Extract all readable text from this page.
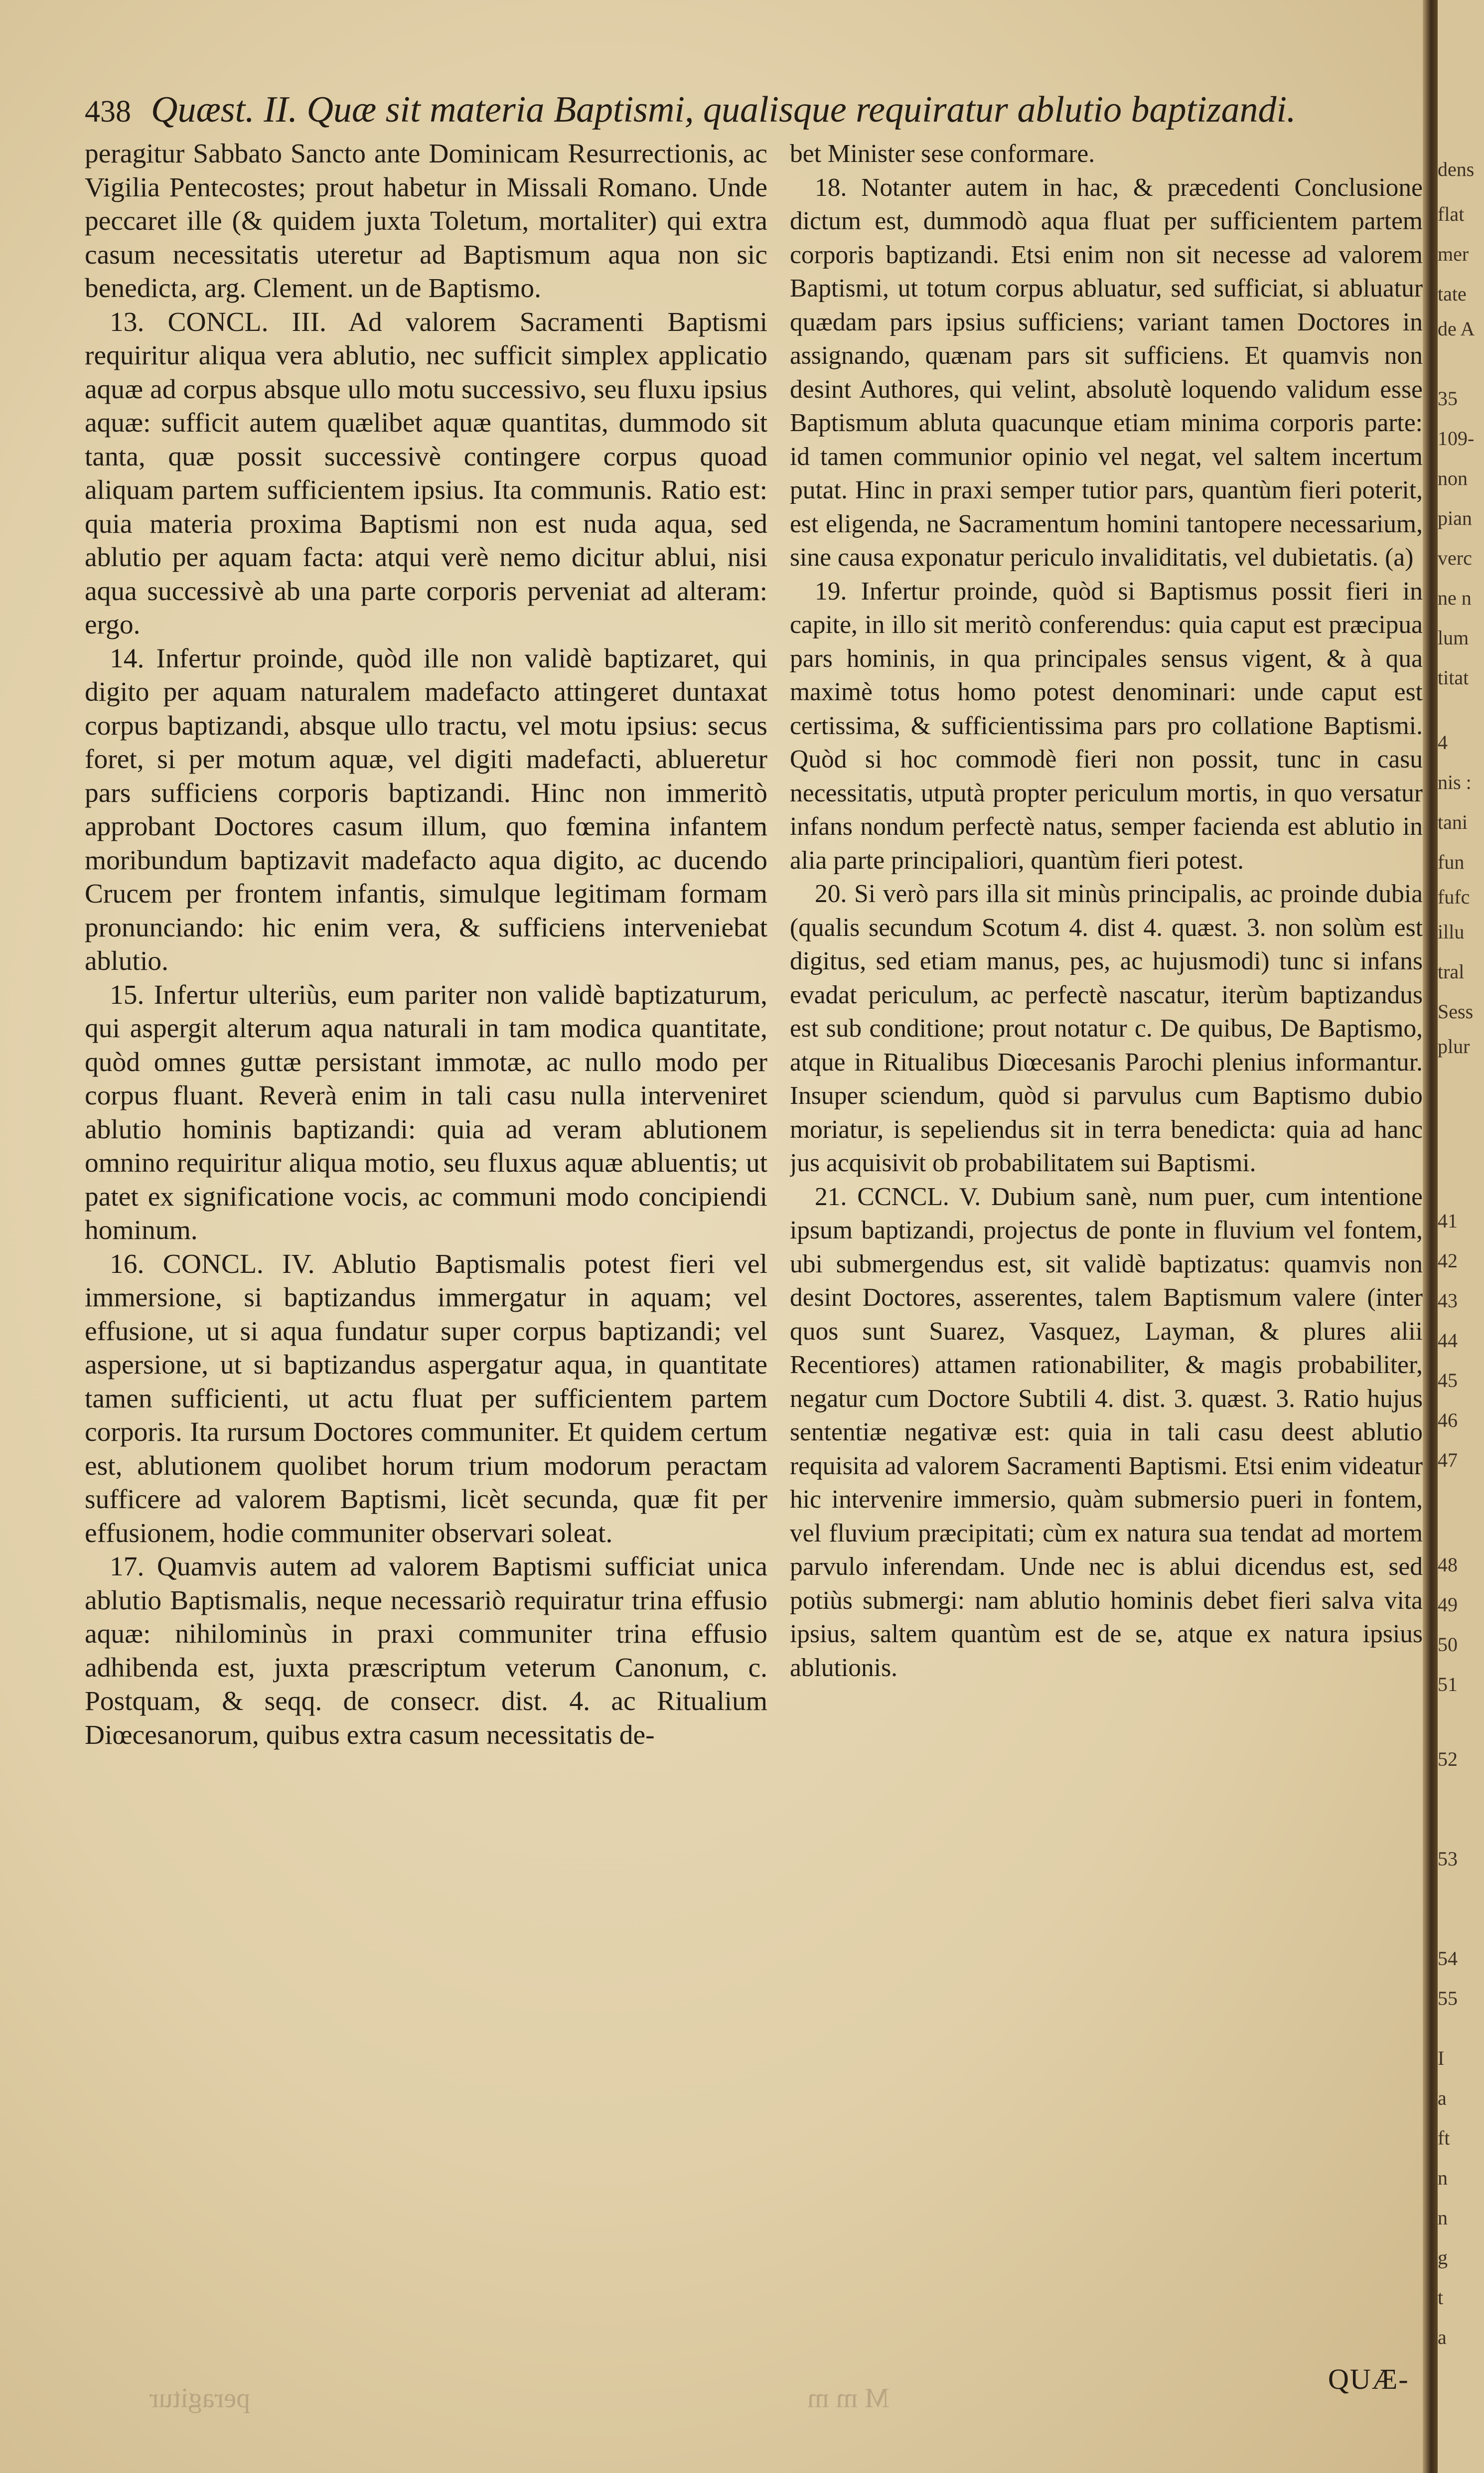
438 Quæst. II. Quæ sit materia Baptismi, qualisque requiratur ablutio baptizandi.

peragitur Sabbato Sancto ante Dominicam Resurrectionis, ac Vigilia Pentecostes; prout habetur in Missali Romano. Unde peccaret ille (& quidem juxta Toletum, mortaliter) qui extra casum necessitatis uteretur ad Baptismum aqua non sic benedicta, arg. Clement. un de Baptismo.

13. CONCL. III. Ad valorem Sacramenti Baptismi requiritur aliqua vera ablutio, nec sufficit simplex applicatio aquæ ad corpus absque ullo motu successivo, seu fluxu ipsius aquæ: sufficit autem quælibet aquæ quantitas, dummodo sit tanta, quæ possit successivè contingere corpus quoad aliquam partem sufficientem ipsius. Ita communis. Ratio est: quia materia proxima Baptismi non est nuda aqua, sed ablutio per aquam facta: atqui verè nemo dicitur ablui, nisi aqua successivè ab una parte corporis perveniat ad alteram: ergo.

14. Infertur proinde, quòd ille non validè baptizaret, qui digito per aquam naturalem madefacto attingeret duntaxat corpus baptizandi, absque ullo tractu, vel motu ipsius: secus foret, si per motum aquæ, vel digiti madefacti, ablueretur pars sufficiens corporis baptizandi. Hinc non immeritò approbant Doctores casum illum, quo fœmina infantem moribundum baptizavit madefacto aqua digito, ac ducendo Crucem per frontem infantis, simulque legitimam formam pronunciando: hic enim vera, & sufficiens interveniebat ablutio.

15. Infertur ulteriùs, eum pariter non validè baptizaturum, qui aspergit alterum aqua naturali in tam modica quantitate, quòd omnes guttæ persistant immotæ, ac nullo modo per corpus fluant. Reverà enim in tali casu nulla interveniret ablutio hominis baptizandi: quia ad veram ablutionem omnino requiritur aliqua motio, seu fluxus aquæ abluentis; ut patet ex significatione vocis, ac communi modo concipiendi hominum.

16. CONCL. IV. Ablutio Baptismalis potest fieri vel immersione, si baptizandus immergatur in aquam; vel effusione, ut si aqua fundatur super corpus baptizandi; vel aspersione, ut si baptizandus aspergatur aqua, in quantitate tamen sufficienti, ut actu fluat per sufficientem partem corporis. Ita rursum Doctores communiter. Et quidem certum est, ablutionem quolibet horum trium modorum peractam sufficere ad valorem Baptismi, licèt secunda, quæ fit per effusionem, hodie communiter observari soleat.

17. Quamvis autem ad valorem Baptismi sufficiat unica ablutio Baptismalis, neque necessariò requiratur trina effusio aquæ: nihilominùs in praxi communiter trina effusio adhibenda est, juxta præscriptum veterum Canonum, c. Postquam, & seqq. de consecr. dist. 4. ac Ritualium Diœcesanorum, quibus extra casum necessitatis de-

bet Minister sese conformare.

18. Notanter autem in hac, & præcedenti Conclusione dictum est, dummodò aqua fluat per sufficientem partem corporis baptizandi. Etsi enim non sit necesse ad valorem Baptismi, ut totum corpus abluatur, sed sufficiat, si abluatur quædam pars ipsius sufficiens; variant tamen Doctores in assignando, quænam pars sit sufficiens. Et quamvis non desint Authores, qui velint, absolutè loquendo validum esse Baptismum abluta quacunque etiam minima corporis parte: id tamen communior opinio vel negat, vel saltem incertum putat. Hinc in praxi semper tutior pars, quantùm fieri poterit, est eligenda, ne Sacramentum homini tantopere necessarium, sine causa exponatur periculo invaliditatis, vel dubietatis. (a)

19. Infertur proinde, quòd si Baptismus possit fieri in capite, in illo sit meritò conferendus: quia caput est præcipua pars hominis, in qua principales sensus vigent, & à qua maximè totus homo potest denominari: unde caput est certissima, & sufficientissima pars pro collatione Baptismi. Quòd si hoc commodè fieri non possit, tunc in casu necessitatis, utputà propter periculum mortis, in quo versatur infans nondum perfectè natus, semper facienda est ablutio in alia parte principaliori, quantùm fieri potest.

20. Si verò pars illa sit minùs principalis, ac proinde dubia (qualis secundum Scotum 4. dist 4. quæst. 3. non solùm est digitus, sed etiam manus, pes, ac hujusmodi) tunc si infans evadat periculum, ac perfectè nascatur, iterùm baptizandus est sub conditione; prout notatur c. De quibus, De Baptismo, atque in Ritualibus Diœcesanis Parochi plenius informantur. Insuper sciendum, quòd si parvulus cum Baptismo dubio moriatur, is sepeliendus sit in terra benedicta: quia ad hanc jus acquisivit ob probabilitatem sui Baptismi.

21. CCNCL. V. Dubium sanè, num puer, cum intentione ipsum baptizandi, projectus de ponte in fluvium vel fontem, ubi submergendus est, sit validè baptizatus: quamvis non desint Doctores, asserentes, talem Baptismum valere (inter quos sunt Suarez, Vasquez, Layman, & plures alii Recentiores) attamen rationabiliter, & magis probabiliter, negatur cum Doctore Subtili 4. dist. 3. quæst. 3. Ratio hujus sententiæ negativæ est: quia in tali casu deest ablutio requisita ad valorem Sacramenti Baptismi. Etsi enim videatur hic intervenire immersio, quàm submersio pueri in fontem, vel fluvium præcipitati; cùm ex natura sua tendat ad mortem parvulo inferendam. Unde nec is ablui dicendus est, sed potiùs submergi: nam ablutio hominis debet fieri salva vita ipsius, saltem quantùm est de se, atque ex natura ipsius ablutionis.

QUÆ-
peragitur	M m m
dens
flat
mer
tate
de A
35
109-
non
pian
verc
ne n
lum
titat
4
nis :
tani
fun
fufc
illu
tral
Sess
plur
41
42
43
44
45
46
47
48
49
50
51
52
53
54
55
I
a
ft
n
n
g
t
a
